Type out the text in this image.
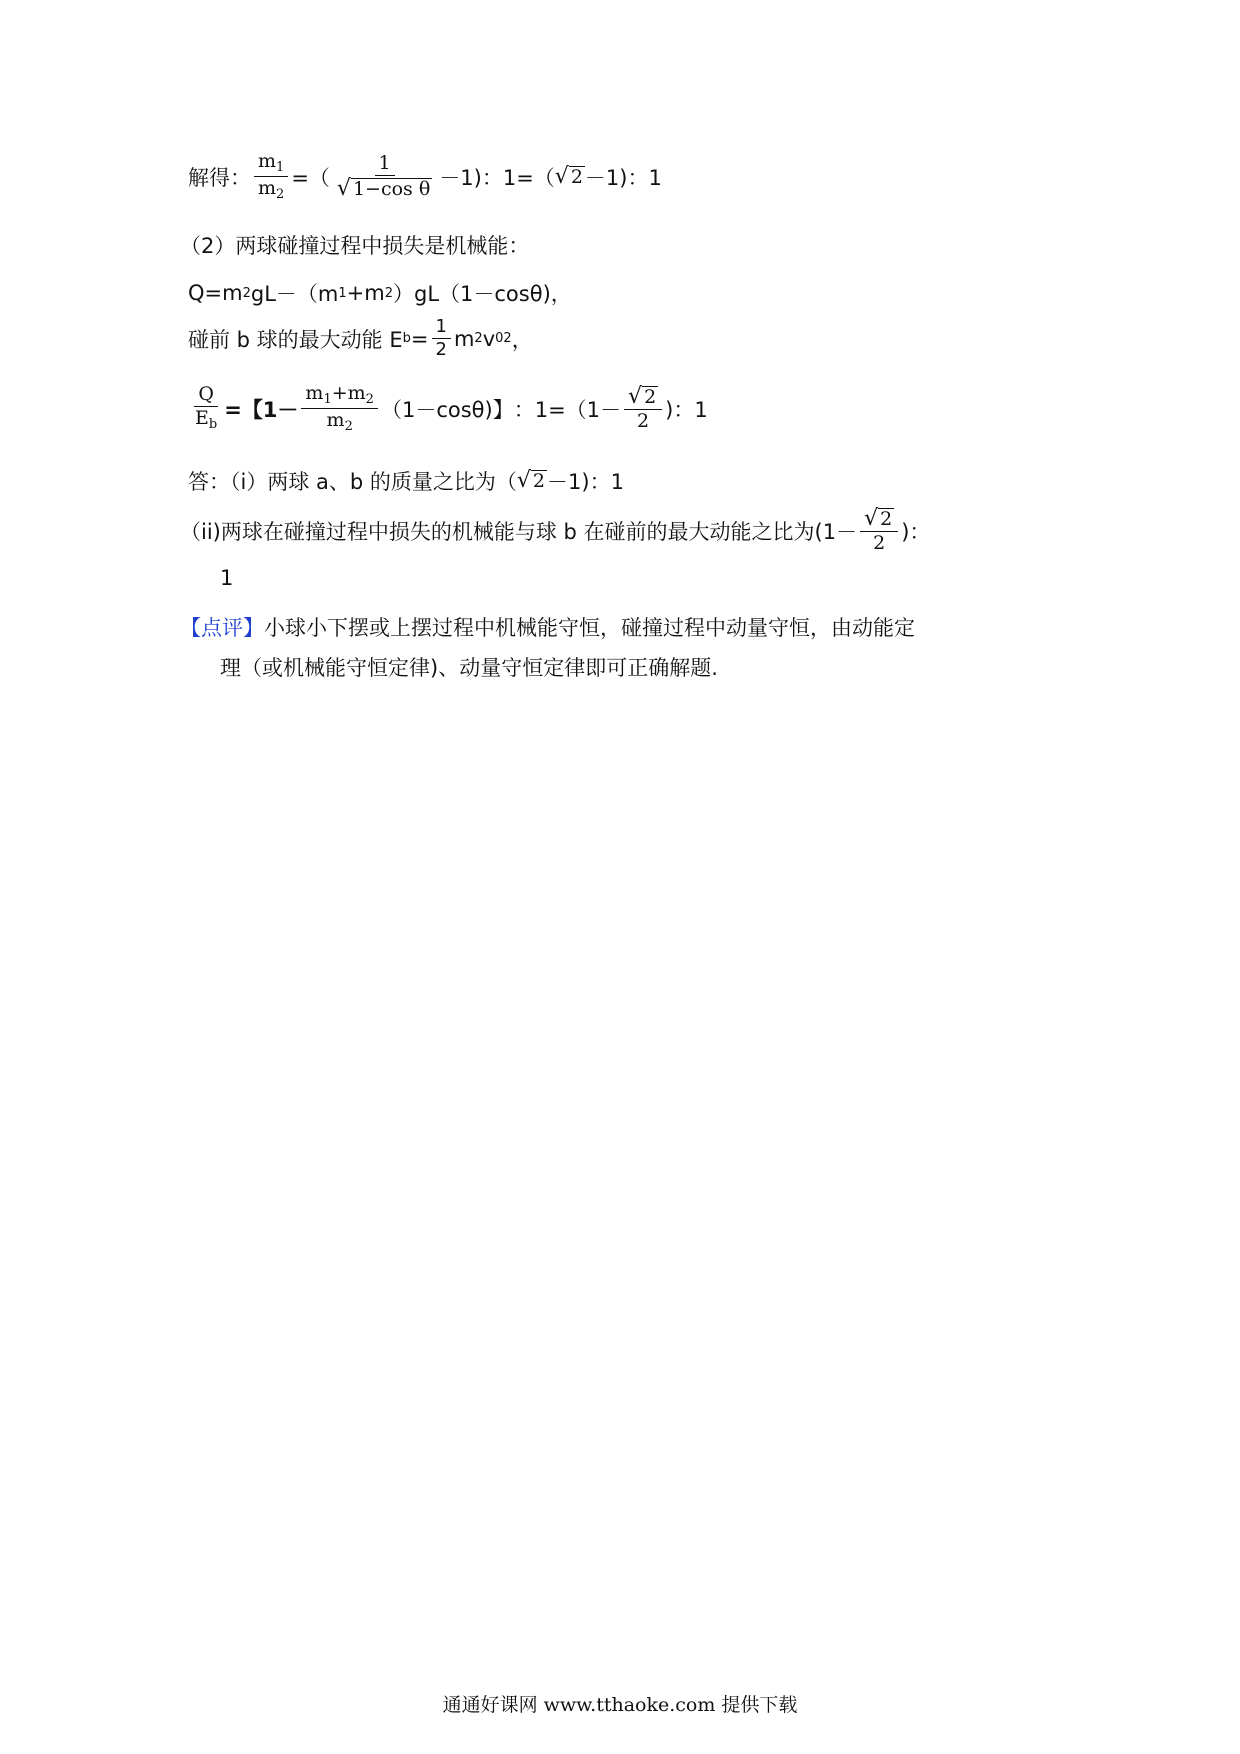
解得： $\frac{m_1}{m_2}$ =（ $\frac{1}{\text{√ 1−cos θ}} -1$)：1=（ √ 2 －1)：1
（2）两球碰撞过程中损失是机械能：
Q=m 2 gL－（m 1 +m 2 ）gL（1－cosθ)，
碰前 b 球的最大动能 E $b = \frac{1}{2}$ m 2 v 0 2 ，
$\frac{Q}{E_b}$ =【$1- \frac{m_1+m_2}{m_2} (1-\cos\theta)$】 ：$1=(1- \frac{√ 2}{2}$ )：1
答：（i）两球 a、b 的质量之比为（ √ 2 －1)：1
（ii)两球在碰撞过程中损失的机械能与球 b 在碰前的最大动能之比为($1- \frac{√ 2}{2}$ )：
1
【点评】 小球小下摆或上摆过程中机械能守恒，碰撞过程中动量守恒，由动能定
理（或机械能守恒定律)、动量守恒定律即可正确解题.
通通好课网 www.tthaoke.com 提供下载
